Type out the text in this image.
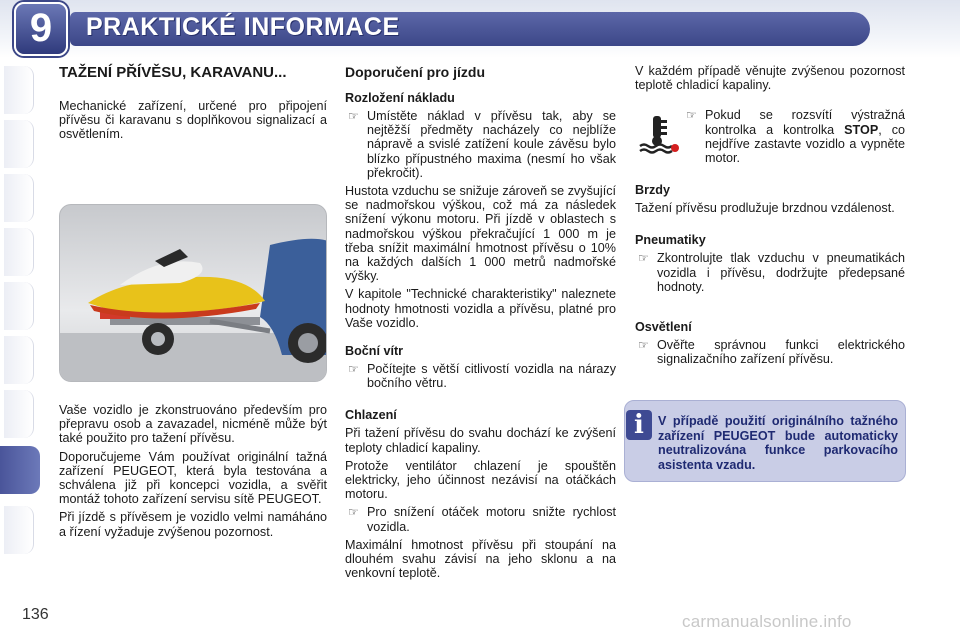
9	PRAKTICKÉ INFORMACE
TAŽENÍ PŘÍVĚSU, KARAVANU...

Mechanické zařízení, určené pro připojení přívěsu či karavanu s doplňkovou signalizací a osvětlením.

Vaše vozidlo je zkonstruováno především pro přepravu osob a zavazadel, nicméně může být také použito pro tažení přívěsu.

Doporučujeme Vám používat originální tažná zařízení PEUGEOT, která byla testována a schválena již při koncepci vozidla, a svěřit montáž tohoto zařízení servisu sítě PEUGEOT.

Při jízdě s přívěsem je vozidlo velmi namáháno a řízení vyžaduje zvýšenou pozornost.

Doporučení pro jízdu
Rozložení nákladu
☞ Umístěte náklad v přívěsu tak, aby se nejtěžší předměty nacházely co nejblíže nápravě a svislé zatížení koule závěsu bylo blízko přípustného maxima (nesmí ho však překročit).

Hustota vzduchu se snižuje zároveň se zvyšující se nadmořskou výškou, což má za následek snížení výkonu motoru. Při jízdě v oblastech s nadmořskou výškou překračující 1 000 m je třeba snížit maximální hmotnost přívěsu o 10% na každých dalších 1 000 metrů nadmořské výšky.

V kapitole "Technické charakteristiky" naleznete hodnoty hmotnosti vozidla a přívěsu, platné pro Vaše vozidlo.

Boční vítr
☞ Počítejte s větší citlivostí vozidla na nárazy bočního větru.
Chlazení

Při tažení přívěsu do svahu dochází ke zvýšení teploty chladicí kapaliny.

Protože ventilátor chlazení je spouštěn elektricky, jeho účinnost nezávisí na otáčkách motoru.

☞ Pro snížení otáček motoru snižte rychlost vozidla.

Maximální hmotnost přívěsu při stoupání na dlouhém svahu závisí na jeho sklonu a na venkovní teplotě.

V každém případě věnujte zvýšenou pozornost teplotě chladicí kapaliny.

☞ Pokud se rozsvítí výstražná kontrolka a kontrolka STOP, co nejdříve zastavte vozidlo a vypněte motor.
Brzdy

Tažení přívěsu prodlužuje brzdnou vzdálenost.

Pneumatiky
☞ Zkontrolujte tlak vzduchu v pneumatikách vozidla i přívěsu, dodržujte předepsané hodnoty.
Osvětlení
☞ Ověřte správnou funkci elektrického signalizačního zařízení přívěsu.
i	V případě použití originálního tažného zařízení PEUGEOT bude automaticky neutralizována funkce parkovacího asistenta vzadu.
136	carmanualsonline.info
